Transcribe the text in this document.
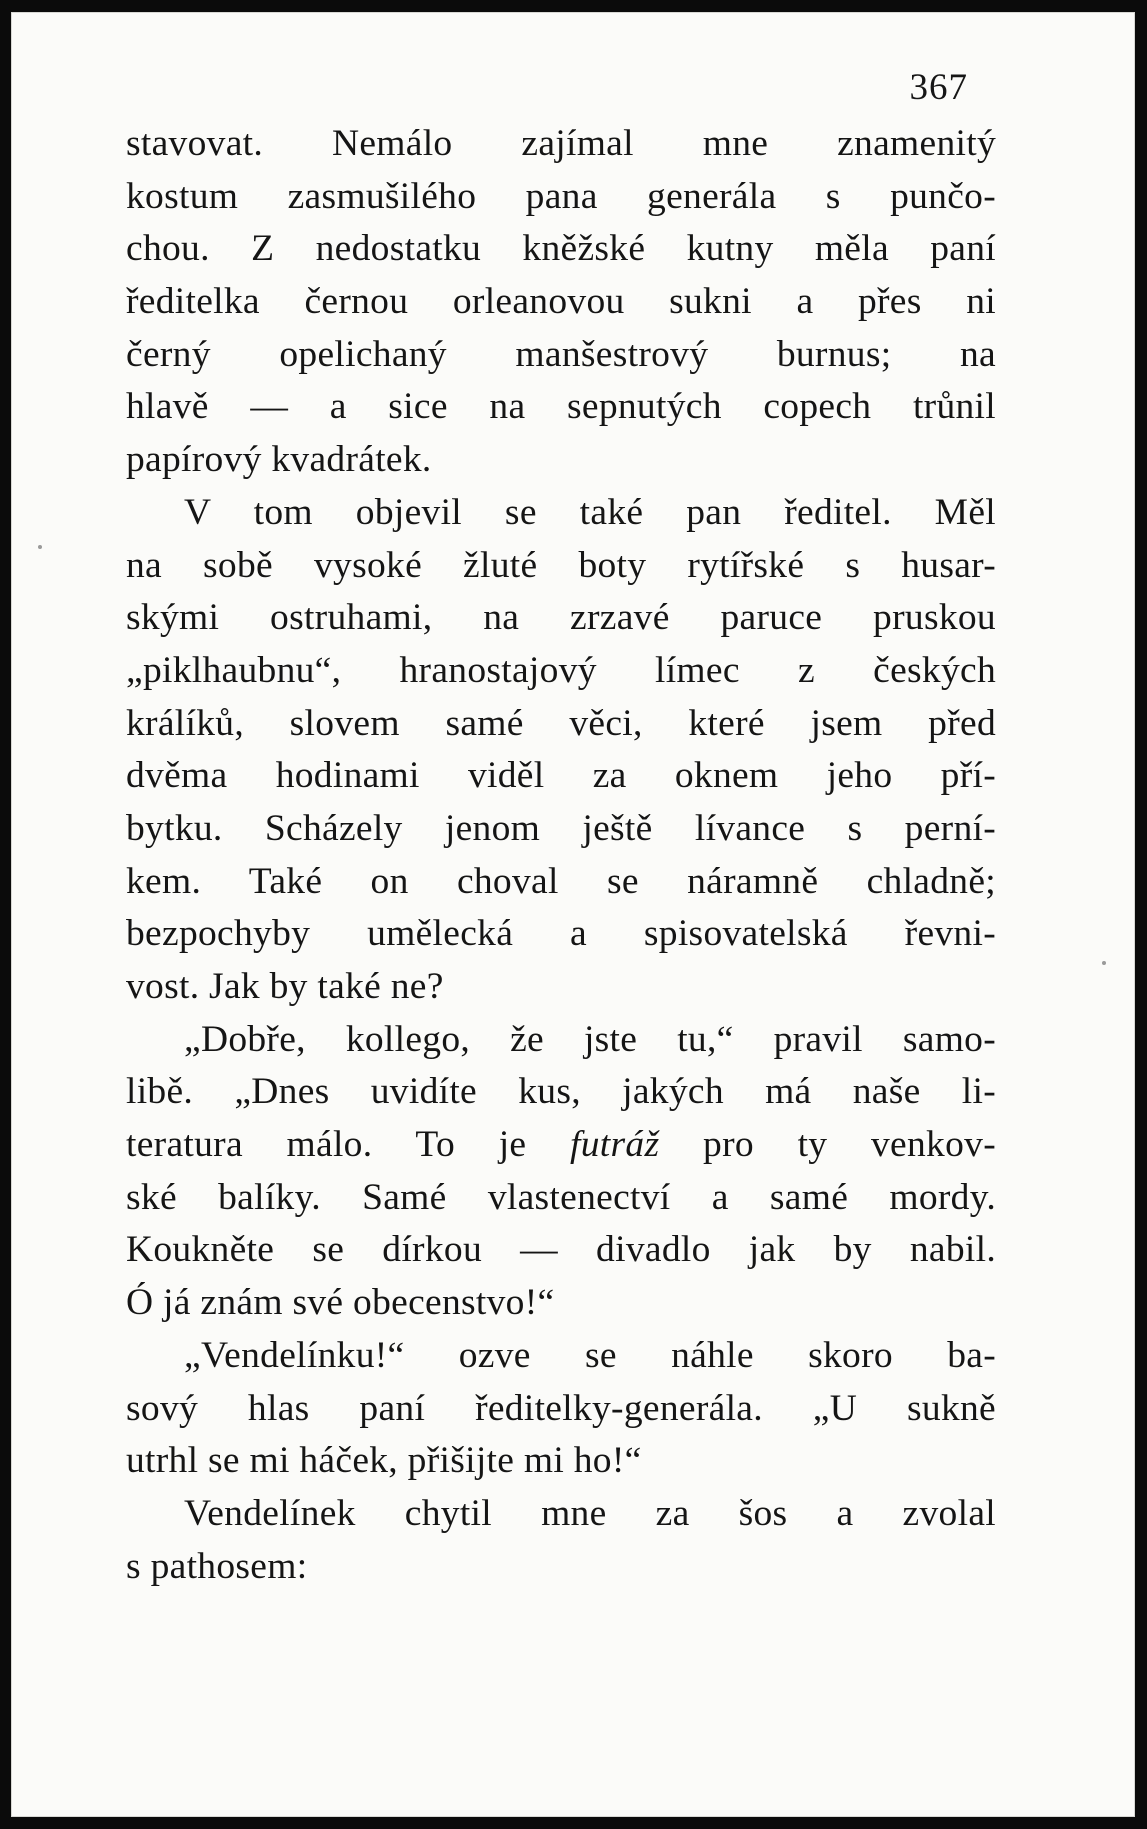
367
stavovat. Nemálo zajímal mne znamenitý
kostum zasmušilého pana generála s punčo-
chou. Z nedostatku kněžské kutny měla paní
ředitelka černou orleanovou sukni a přes ni
černý opelichaný manšestrový burnus; na
hlavě — a sice na sepnutých copech trůnil
papírový kvadrátek.
V tom objevil se také pan ředitel. Měl
na sobě vysoké žluté boty rytířské s husar-
skými ostruhami, na zrzavé paruce pruskou
„piklhaubnu“, hranostajový límec z českých
králíků, slovem samé věci, které jsem před
dvěma hodinami viděl za oknem jeho pří-
bytku. Scházely jenom ještě lívance s perní-
kem. Také on choval se náramně chladně;
bezpochyby umělecká a spisovatelská řevni-
vost. Jak by také ne?
„Dobře, kollego, že jste tu,“ pravil samo-
libě. „Dnes uvidíte kus, jakých má naše li-
teratura málo. To je futráž pro ty venkov-
ské balíky. Samé vlastenectví a samé mordy.
Koukněte se dírkou — divadlo jak by nabil.
Ó já znám své obecenstvo!“
„Vendelínku!“ ozve se náhle skoro ba-
sový hlas paní ředitelky-generála. „U sukně
utrhl se mi háček, přišijte mi ho!“
Vendelínek chytil mne za šos a zvolal
s pathosem:
